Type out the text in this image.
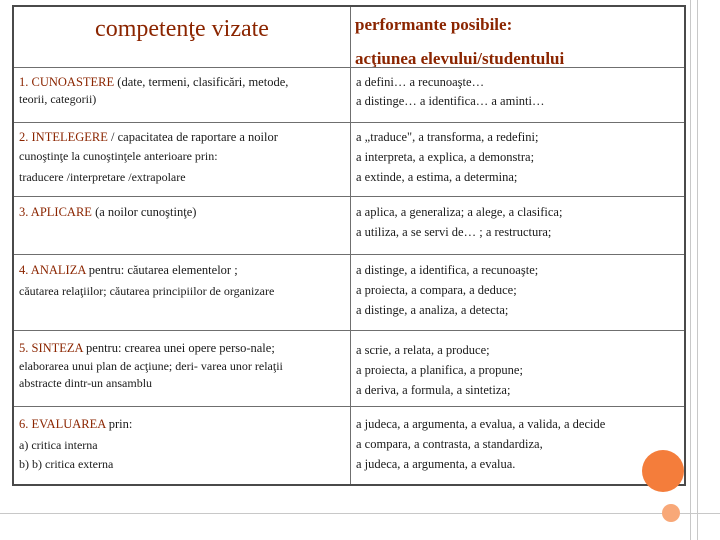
competenţe vizate	performante posibile:
acţiunea elevului/studentului
1. CUNOASTERE (date, termeni, clasificări, metode,
teorii, categorii)
a defini… a recunoaşte…
a distinge… a identifica… a aminti…
2. INTELEGERE / capacitatea de raportare a noilor
cunoştinţe la cunoştinţele anterioare prin:
traducere /interpretare /extrapolare
a „traduce", a transforma, a redefini;
a interpreta, a explica, a demonstra;
a extinde, a estima, a determina;
3. APLICARE (a noilor cunoştinţe)	a aplica, a generaliza; a alege, a clasifica;
a utiliza, a se servi de… ; a restructura;
4. ANALIZA pentru: căutarea elementelor ;
căutarea relaţiilor; căutarea principiilor de organizare
a distinge, a identifica, a recunoaşte;
a proiecta, a compara, a deduce;
a distinge, a analiza, a detecta;
5. SINTEZA pentru: crearea unei opere perso-nale;
elaborarea unui plan de acţiune; deri- varea unor relaţii
abstracte dintr-un ansamblu
a scrie, a relata, a produce;
a proiecta, a planifica, a propune;
a deriva, a formula, a sintetiza;
6. EVALUAREA prin:
a) critica interna
b) b) critica externa
a judeca, a argumenta, a evalua, a valida, a decide
a compara, a contrasta, a standardiza,
a judeca, a argumenta, a evalua.
